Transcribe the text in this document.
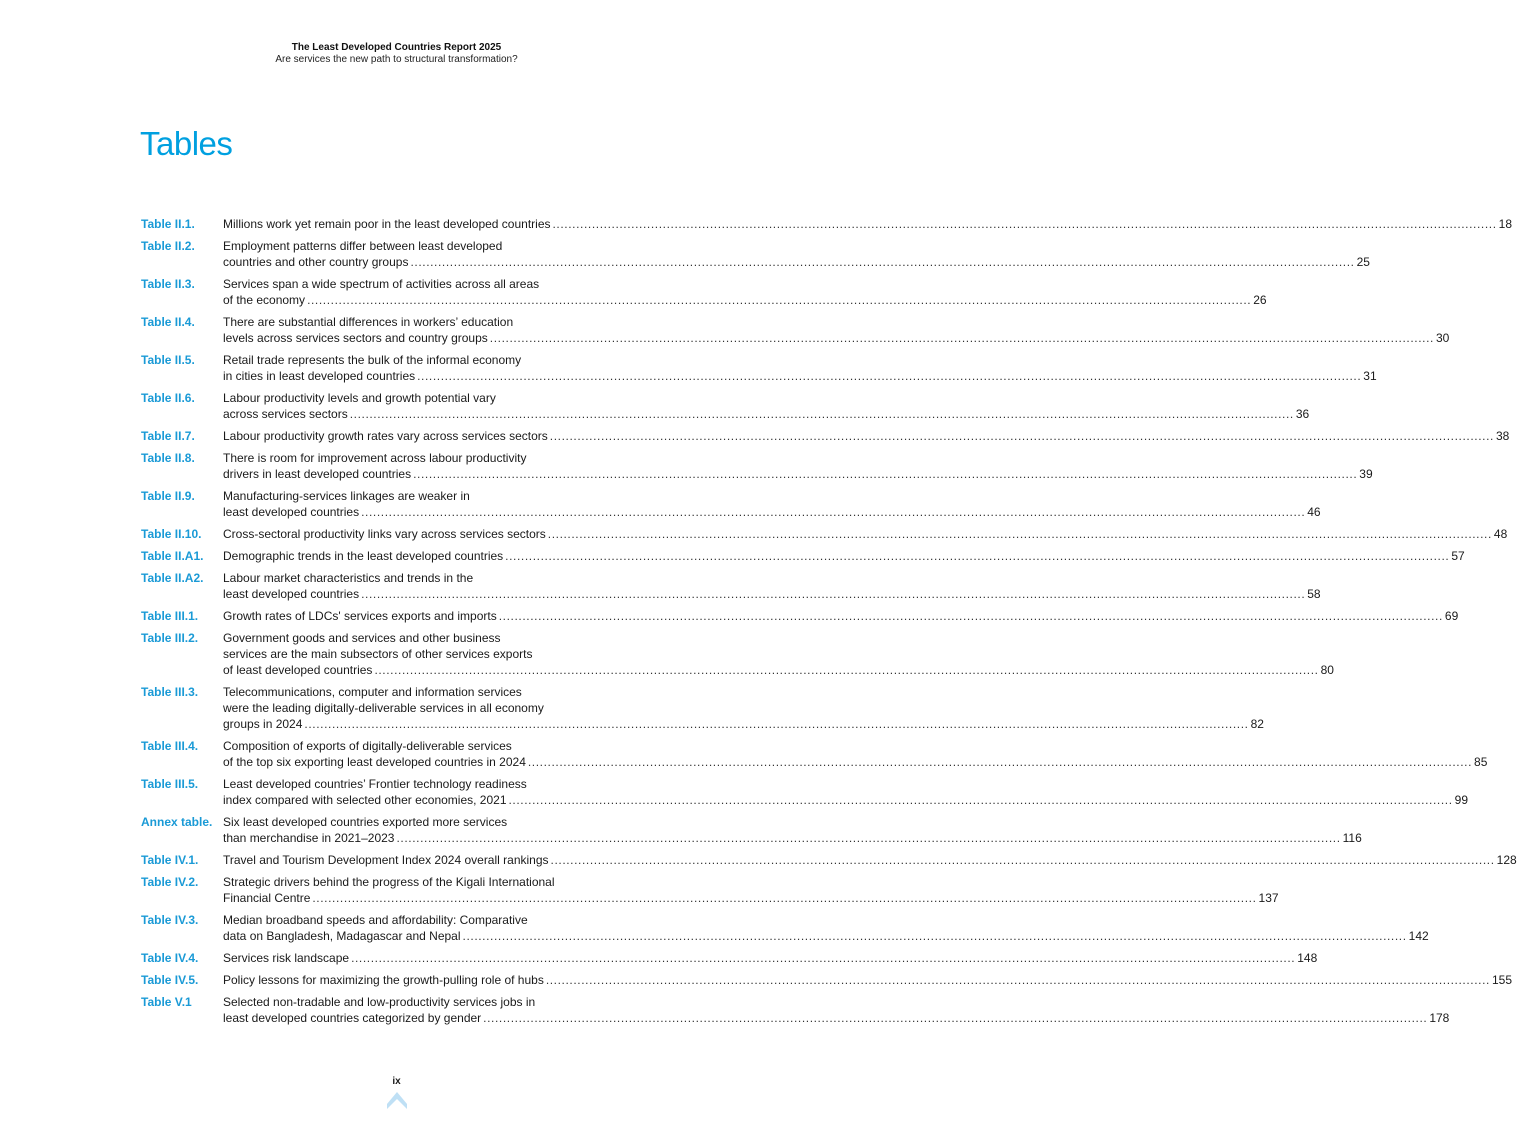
The Least Developed Countries Report 2025
Are services the new path to structural transformation?
Tables
Table II.1.	Millions work yet remain poor in the least developed countries .....	18
Table II.2.	Employment patterns differ between least developed
countries and other country groups .....	25
Table II.3.	Services span a wide spectrum of activities across all areas
of the economy .....	26
Table II.4.	There are substantial differences in workers’ education
levels across services sectors and country groups .....	30
Table II.5.	Retail trade represents the bulk of the informal economy
in cities in least developed countries .....	31
Table II.6.	Labour productivity levels and growth potential vary
across services sectors .....	36
Table II.7.	Labour productivity growth rates vary across services sectors .....	38
Table II.8.	There is room for improvement across labour productivity
drivers in least developed countries .....	39
Table II.9.	Manufacturing-services linkages are weaker in
least developed countries .....	46
Table II.10.	Cross-sectoral productivity links vary across services sectors .....	48
Table II.A1.	Demographic trends in the least developed countries .....	57
Table II.A2.	Labour market characteristics and trends in the
least developed countries .....	58
Table III.1.	Growth rates of LDCs' services exports and imports .....	69
Table III.2.	Government goods and services and other business
services are the main subsectors of other services exports
of least developed countries .....	80
Table III.3.	Telecommunications, computer and information services
were the leading digitally-deliverable services in all economy
groups in 2024 .....	82
Table III.4.	Composition of exports of digitally-deliverable services
of the top six exporting least developed countries in 2024 .....	85
Table III.5.	Least developed countries’ Frontier technology readiness
index compared with selected other economies, 2021 .....	99
Annex table. Six least developed countries exported more services
than merchandise in 2021–2023 .....	116
Table IV.1.	Travel and Tourism Development Index 2024 overall rankings .....	128
Table IV.2.	Strategic drivers behind the progress of the Kigali International
Financial Centre .....	137
Table IV.3.	Median broadband speeds and affordability: Comparative
data on Bangladesh, Madagascar and Nepal .....	142
Table IV.4.	Services risk landscape .....	148
Table IV.5.	Policy lessons for maximizing the growth-pulling role of hubs .....	155
Table V.1	Selected non-tradable and low-productivity services jobs in
least developed countries categorized by gender .....	178
ix
